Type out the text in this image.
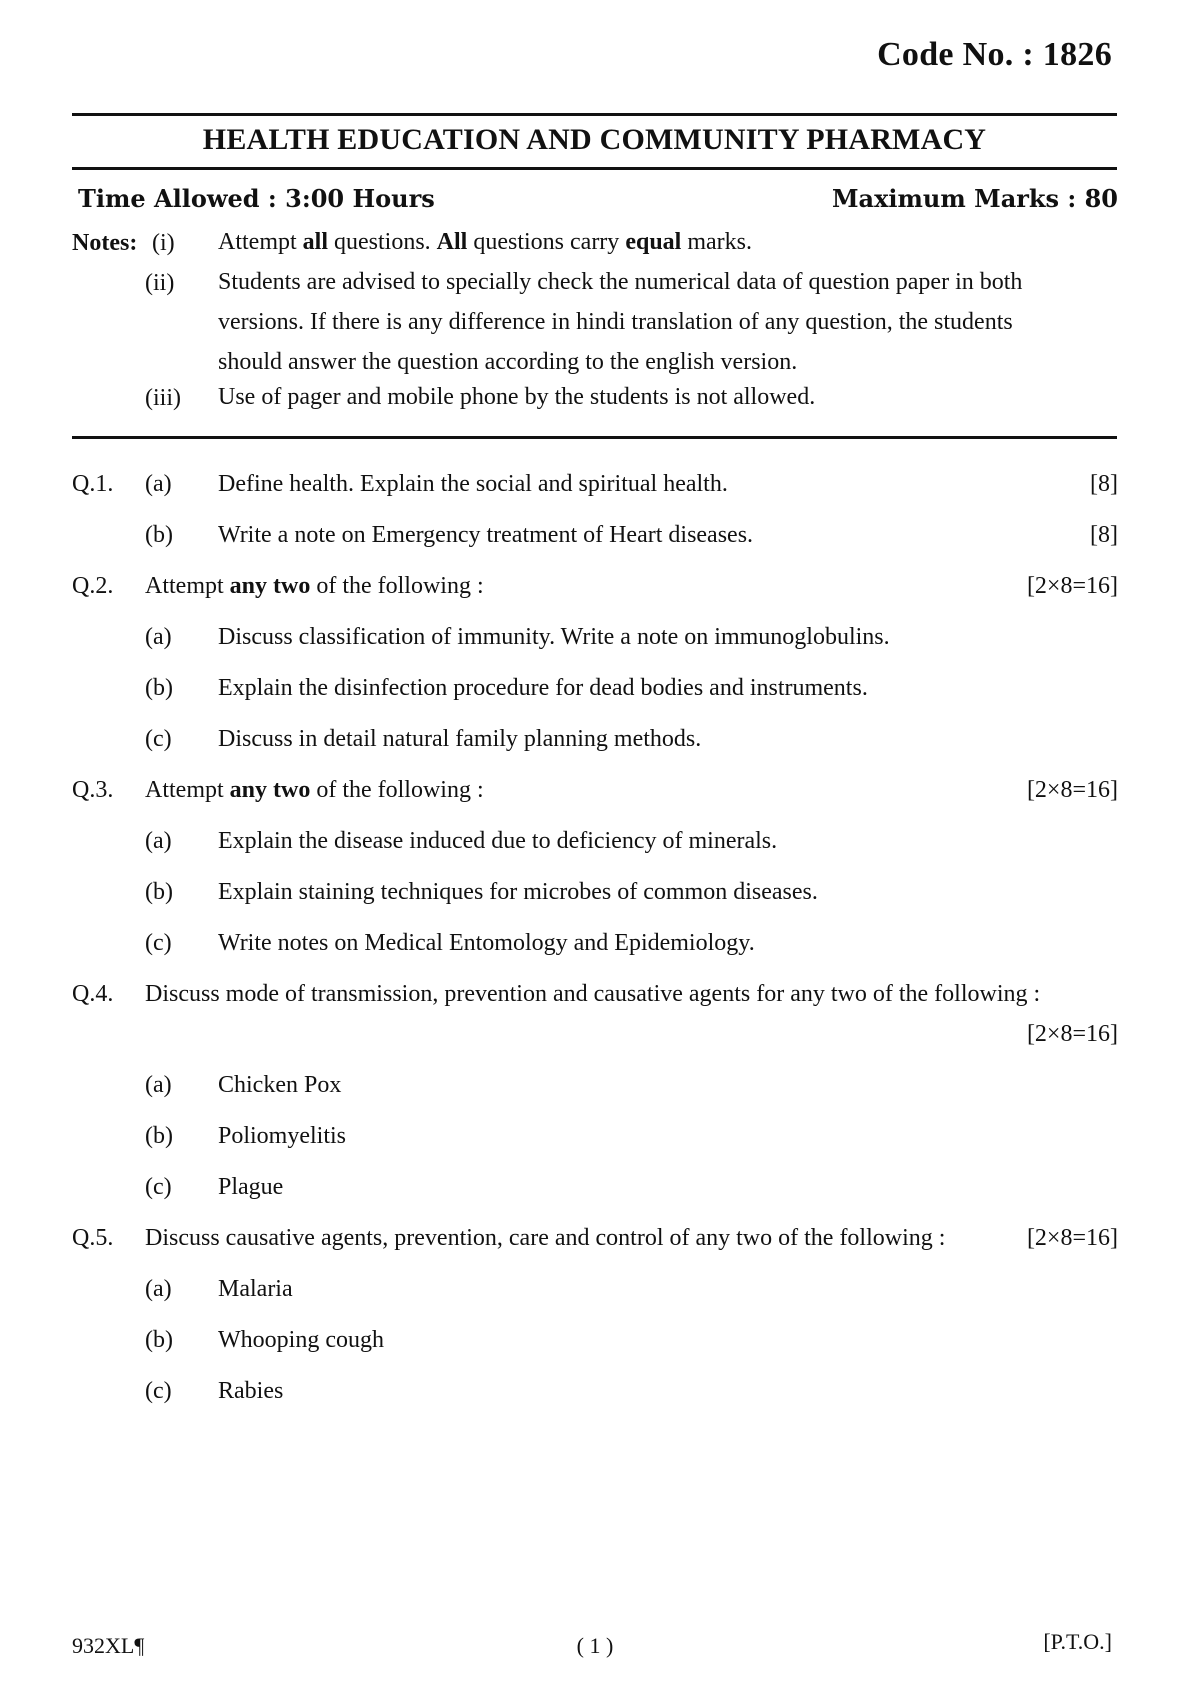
Code No. : 1826
HEALTH EDUCATION AND COMMUNITY PHARMACY
Time Allowed : 3:00 Hours	Maximum Marks : 80
Notes: (i) Attempt all questions. All questions carry equal marks.
(ii) Students are advised to specially check the numerical data of question paper in both
versions. If there is any difference in hindi translation of any question, the students
should answer the question according to the english version.
(iii) Use of pager and mobile phone by the students is not allowed.
Q.1. (a) Define health. Explain the social and spiritual health.	[8]
(b) Write a note on Emergency treatment of Heart diseases.	[8]
Q.2. Attempt any two of the following :	[2×8=16]
(a) Discuss classification of immunity. Write a note on immunoglobulins.
(b) Explain the disinfection procedure for dead bodies and instruments.
(c) Discuss in detail natural family planning methods.
Q.3. Attempt any two of the following :	[2×8=16]
(a) Explain the disease induced due to deficiency of minerals.
(b) Explain staining techniques for microbes of common diseases.
(c) Write notes on Medical Entomology and Epidemiology.
Q.4. Discuss mode of transmission, prevention and causative agents for any two of the following :
[2×8=16]
(a) Chicken Pox
(b) Poliomyelitis
(c) Plague
Q.5. Discuss causative agents, prevention, care and control of any two of the following :	[2×8=16]
(a) Malaria
(b) Whooping cough
(c) Rabies
932XL¶	( 1 )	[P.T.O.]
